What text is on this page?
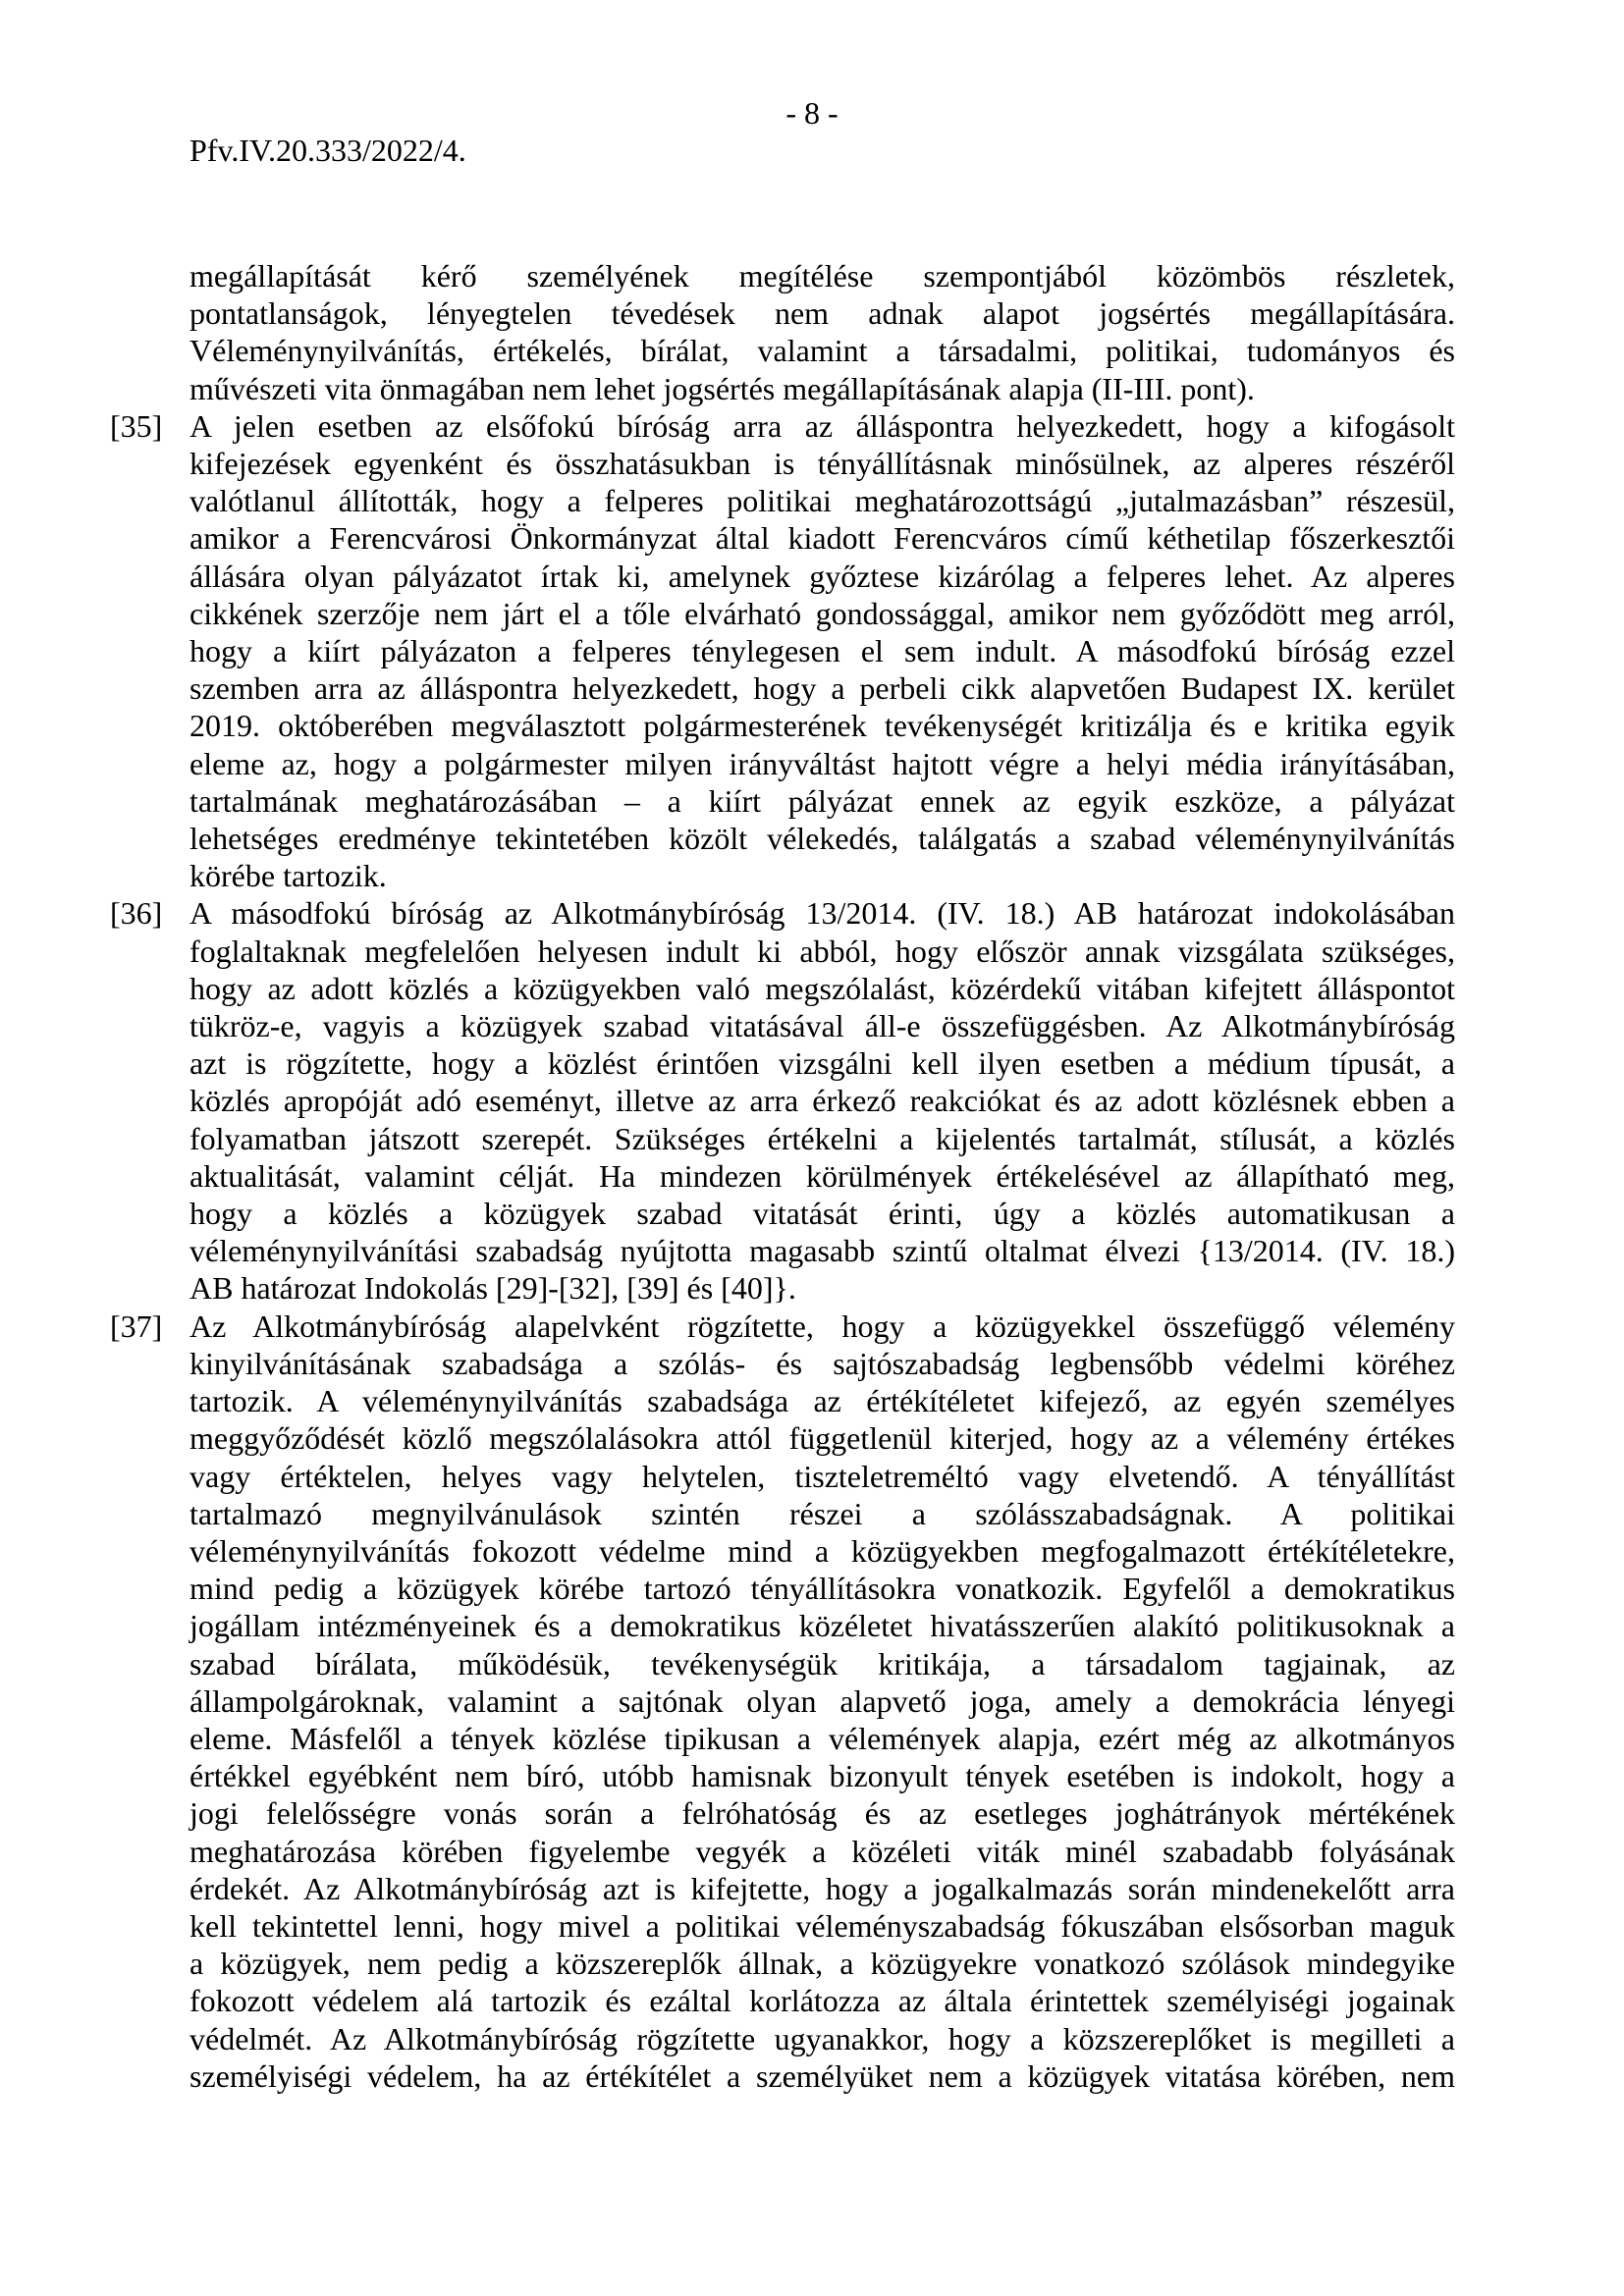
- 8 -
Pfv.IV.20.333/2022/4.
megállapítását kérő személyének megítélése szempontjából közömbös részletek,
pontatlanságok, lényegtelen tévedések nem adnak alapot jogsértés megállapítására.
Véleménynyilvánítás, értékelés, bírálat, valamint a társadalmi, politikai, tudományos és
művészeti vita önmagában nem lehet jogsértés megállapításának alapja (II-III. pont).
[35] A jelen esetben az elsőfokú bíróság arra az álláspontra helyezkedett, hogy a kifogásolt
kifejezések egyenként és összhatásukban is tényállításnak minősülnek, az alperes részéről
valótlanul állították, hogy a felperes politikai meghatározottságú „jutalmazásban” részesül,
amikor a Ferencvárosi Önkormányzat által kiadott Ferencváros című kéthetilap főszerkesztői
állására olyan pályázatot írtak ki, amelynek győztese kizárólag a felperes lehet. Az alperes
cikkének szerzője nem járt el a tőle elvárható gondossággal, amikor nem győződött meg arról,
hogy a kiírt pályázaton a felperes ténylegesen el sem indult. A másodfokú bíróság ezzel
szemben arra az álláspontra helyezkedett, hogy a perbeli cikk alapvetően Budapest IX. kerület
2019. októberében megválasztott polgármesterének tevékenységét kritizálja és e kritika egyik
eleme az, hogy a polgármester milyen irányváltást hajtott végre a helyi média irányításában,
tartalmának meghatározásában – a kiírt pályázat ennek az egyik eszköze, a pályázat
lehetséges eredménye tekintetében közölt vélekedés, találgatás a szabad véleménynyilvánítás
körébe tartozik.
[36] A másodfokú bíróság az Alkotmánybíróság 13/2014. (IV. 18.) AB határozat indokolásában
foglaltaknak megfelelően helyesen indult ki abból, hogy először annak vizsgálata szükséges,
hogy az adott közlés a közügyekben való megszólalást, közérdekű vitában kifejtett álláspontot
tükröz-e, vagyis a közügyek szabad vitatásával áll-e összefüggésben. Az Alkotmánybíróság
azt is rögzítette, hogy a közlést érintően vizsgálni kell ilyen esetben a médium típusát, a
közlés apropóját adó eseményt, illetve az arra érkező reakciókat és az adott közlésnek ebben a
folyamatban játszott szerepét. Szükséges értékelni a kijelentés tartalmát, stílusát, a közlés
aktualitását, valamint célját. Ha mindezen körülmények értékelésével az állapítható meg,
hogy a közlés a közügyek szabad vitatását érinti, úgy a közlés automatikusan a
véleménynyilvánítási szabadság nyújtotta magasabb szintű oltalmat élvezi {13/2014. (IV. 18.)
AB határozat Indokolás [29]-[32], [39] és [40]}.
[37] Az Alkotmánybíróság alapelvként rögzítette, hogy a közügyekkel összefüggő vélemény
kinyilvánításának szabadsága a szólás- és sajtószabadság legbensőbb védelmi köréhez
tartozik. A véleménynyilvánítás szabadsága az értékítéletet kifejező, az egyén személyes
meggyőződését közlő megszólalásokra attól függetlenül kiterjed, hogy az a vélemény értékes
vagy értéktelen, helyes vagy helytelen, tiszteletreméltó vagy elvetendő. A tényállítást
tartalmazó megnyilvánulások szintén részei a szólásszabadságnak. A politikai
véleménynyilvánítás fokozott védelme mind a közügyekben megfogalmazott értékítéletekre,
mind pedig a közügyek körébe tartozó tényállításokra vonatkozik. Egyfelől a demokratikus
jogállam intézményeinek és a demokratikus közéletet hivatásszerűen alakító politikusoknak a
szabad bírálata, működésük, tevékenységük kritikája, a társadalom tagjainak, az
állampolgároknak, valamint a sajtónak olyan alapvető joga, amely a demokrácia lényegi
eleme. Másfelől a tények közlése tipikusan a vélemények alapja, ezért még az alkotmányos
értékkel egyébként nem bíró, utóbb hamisnak bizonyult tények esetében is indokolt, hogy a
jogi felelősségre vonás során a felróhatóság és az esetleges joghátrányok mértékének
meghatározása körében figyelembe vegyék a közéleti viták minél szabadabb folyásának
érdekét. Az Alkotmánybíróság azt is kifejtette, hogy a jogalkalmazás során mindenekelőtt arra
kell tekintettel lenni, hogy mivel a politikai véleményszabadság fókuszában elsősorban maguk
a közügyek, nem pedig a közszereplők állnak, a közügyekre vonatkozó szólások mindegyike
fokozott védelem alá tartozik és ezáltal korlátozza az általa érintettek személyiségi jogainak
védelmét. Az Alkotmánybíróság rögzítette ugyanakkor, hogy a közszereplőket is megilleti a
személyiségi védelem, ha az értékítélet a személyüket nem a közügyek vitatása körében, nem
